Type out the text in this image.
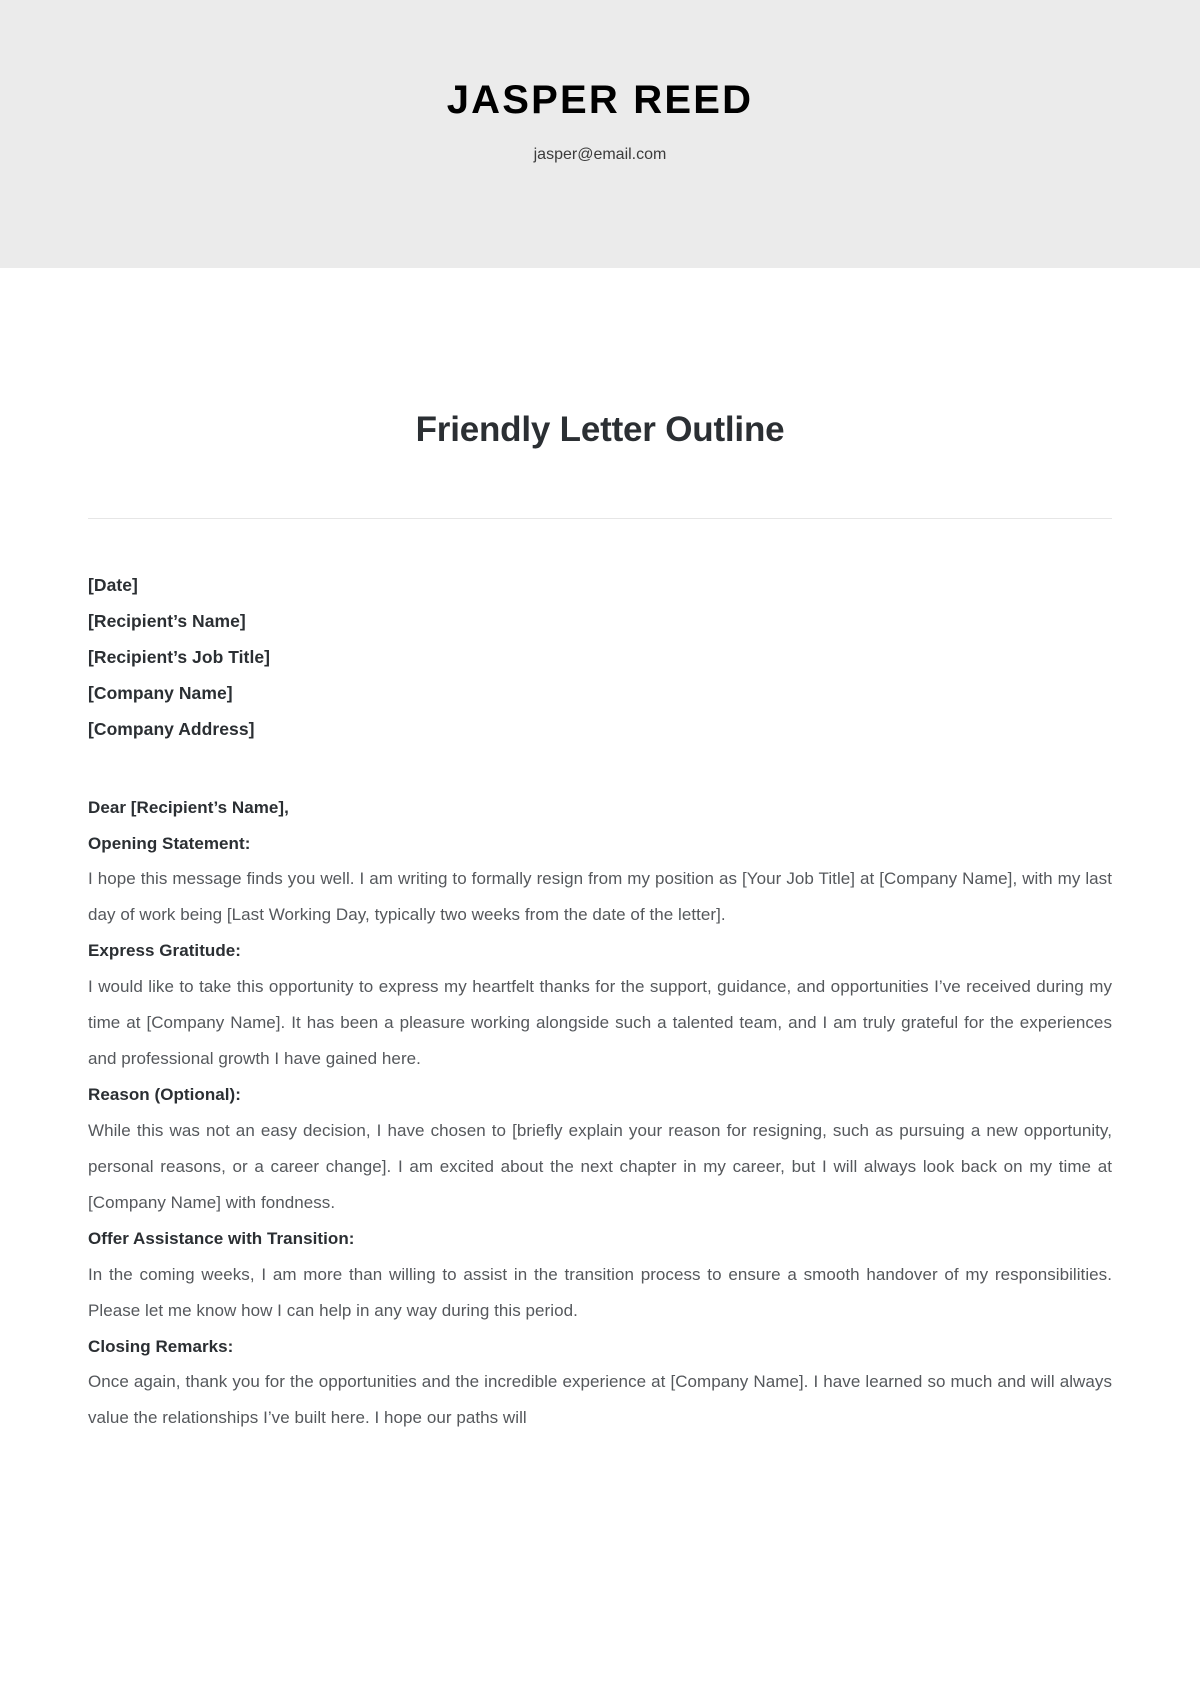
JASPER REED
jasper@email.com
Friendly Letter Outline
[Date]
[Recipient’s Name]
[Recipient’s Job Title]
[Company Name]
[Company Address]
Dear [Recipient’s Name],
Opening Statement:
I hope this message finds you well. I am writing to formally resign from my position as [Your Job Title] at [Company Name], with my last day of work being [Last Working Day, typically two weeks from the date of the letter].
Express Gratitude:
I would like to take this opportunity to express my heartfelt thanks for the support, guidance, and opportunities I’ve received during my time at [Company Name]. It has been a pleasure working alongside such a talented team, and I am truly grateful for the experiences and professional growth I have gained here.
Reason (Optional):
While this was not an easy decision, I have chosen to [briefly explain your reason for resigning, such as pursuing a new opportunity, personal reasons, or a career change]. I am excited about the next chapter in my career, but I will always look back on my time at [Company Name] with fondness.
Offer Assistance with Transition:
In the coming weeks, I am more than willing to assist in the transition process to ensure a smooth handover of my responsibilities. Please let me know how I can help in any way during this period.
Closing Remarks:
Once again, thank you for the opportunities and the incredible experience at [Company Name]. I have learned so much and will always value the relationships I’ve built here. I hope our paths will
